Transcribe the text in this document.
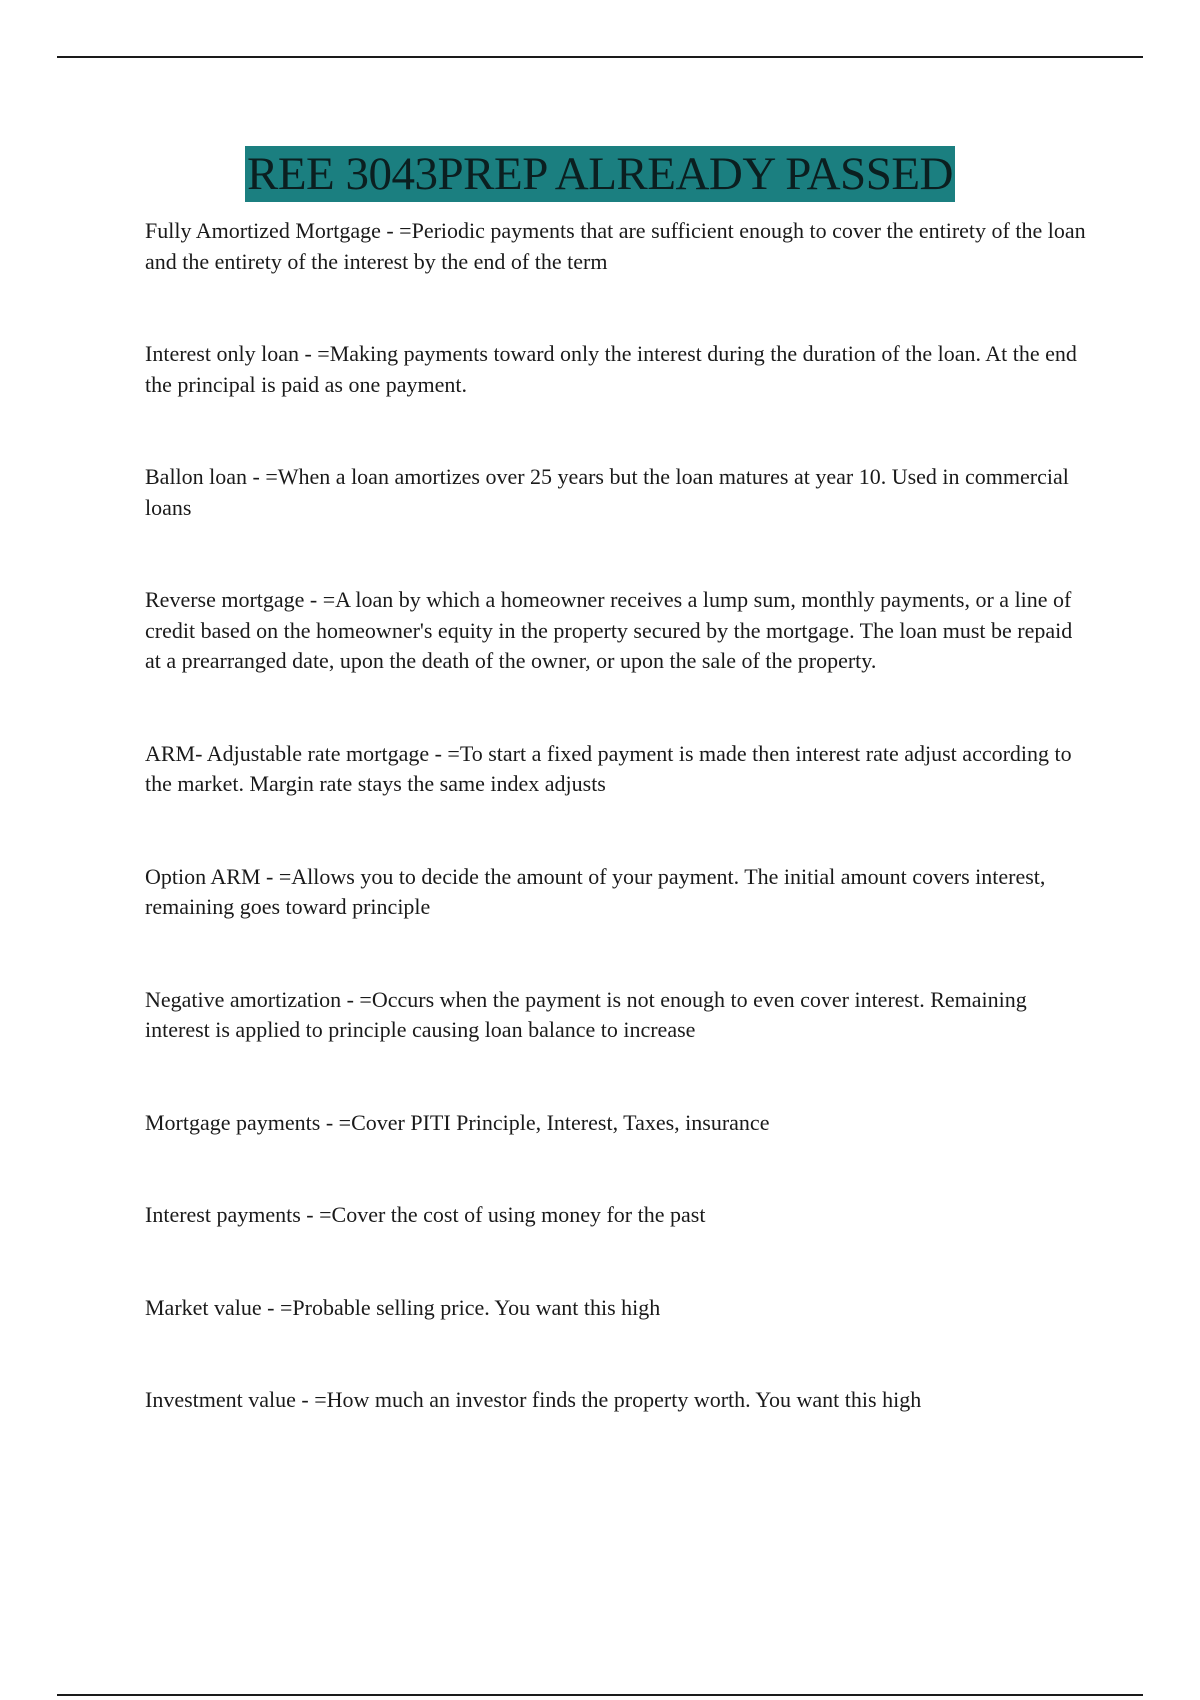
REE 3043PREP ALREADY PASSED

Fully Amortized Mortgage - =Periodic payments that are sufficient enough to cover the entirety of the loan and the entirety of the interest by the end of the term

Interest only loan - =Making payments toward only the interest during the duration of the loan. At the end the principal is paid as one payment.

Ballon loan - =When a loan amortizes over 25 years but the loan matures at year 10. Used in commercial loans

Reverse mortgage - =A loan by which a homeowner receives a lump sum, monthly payments, or a line of credit based on the homeowner's equity in the property secured by the mortgage. The loan must be repaid at a prearranged date, upon the death of the owner, or upon the sale of the property.

ARM- Adjustable rate mortgage - =To start a fixed payment is made then interest rate adjust according to the market. Margin rate stays the same index adjusts

Option ARM - =Allows you to decide the amount of your payment. The initial amount covers interest, remaining goes toward principle

Negative amortization - =Occurs when the payment is not enough to even cover interest. Remaining interest is applied to principle causing loan balance to increase

Mortgage payments - =Cover PITI Principle, Interest, Taxes, insurance

Interest payments - =Cover the cost of using money for the past

Market value - =Probable selling price. You want this high

Investment value - =How much an investor finds the property worth. You want this high
